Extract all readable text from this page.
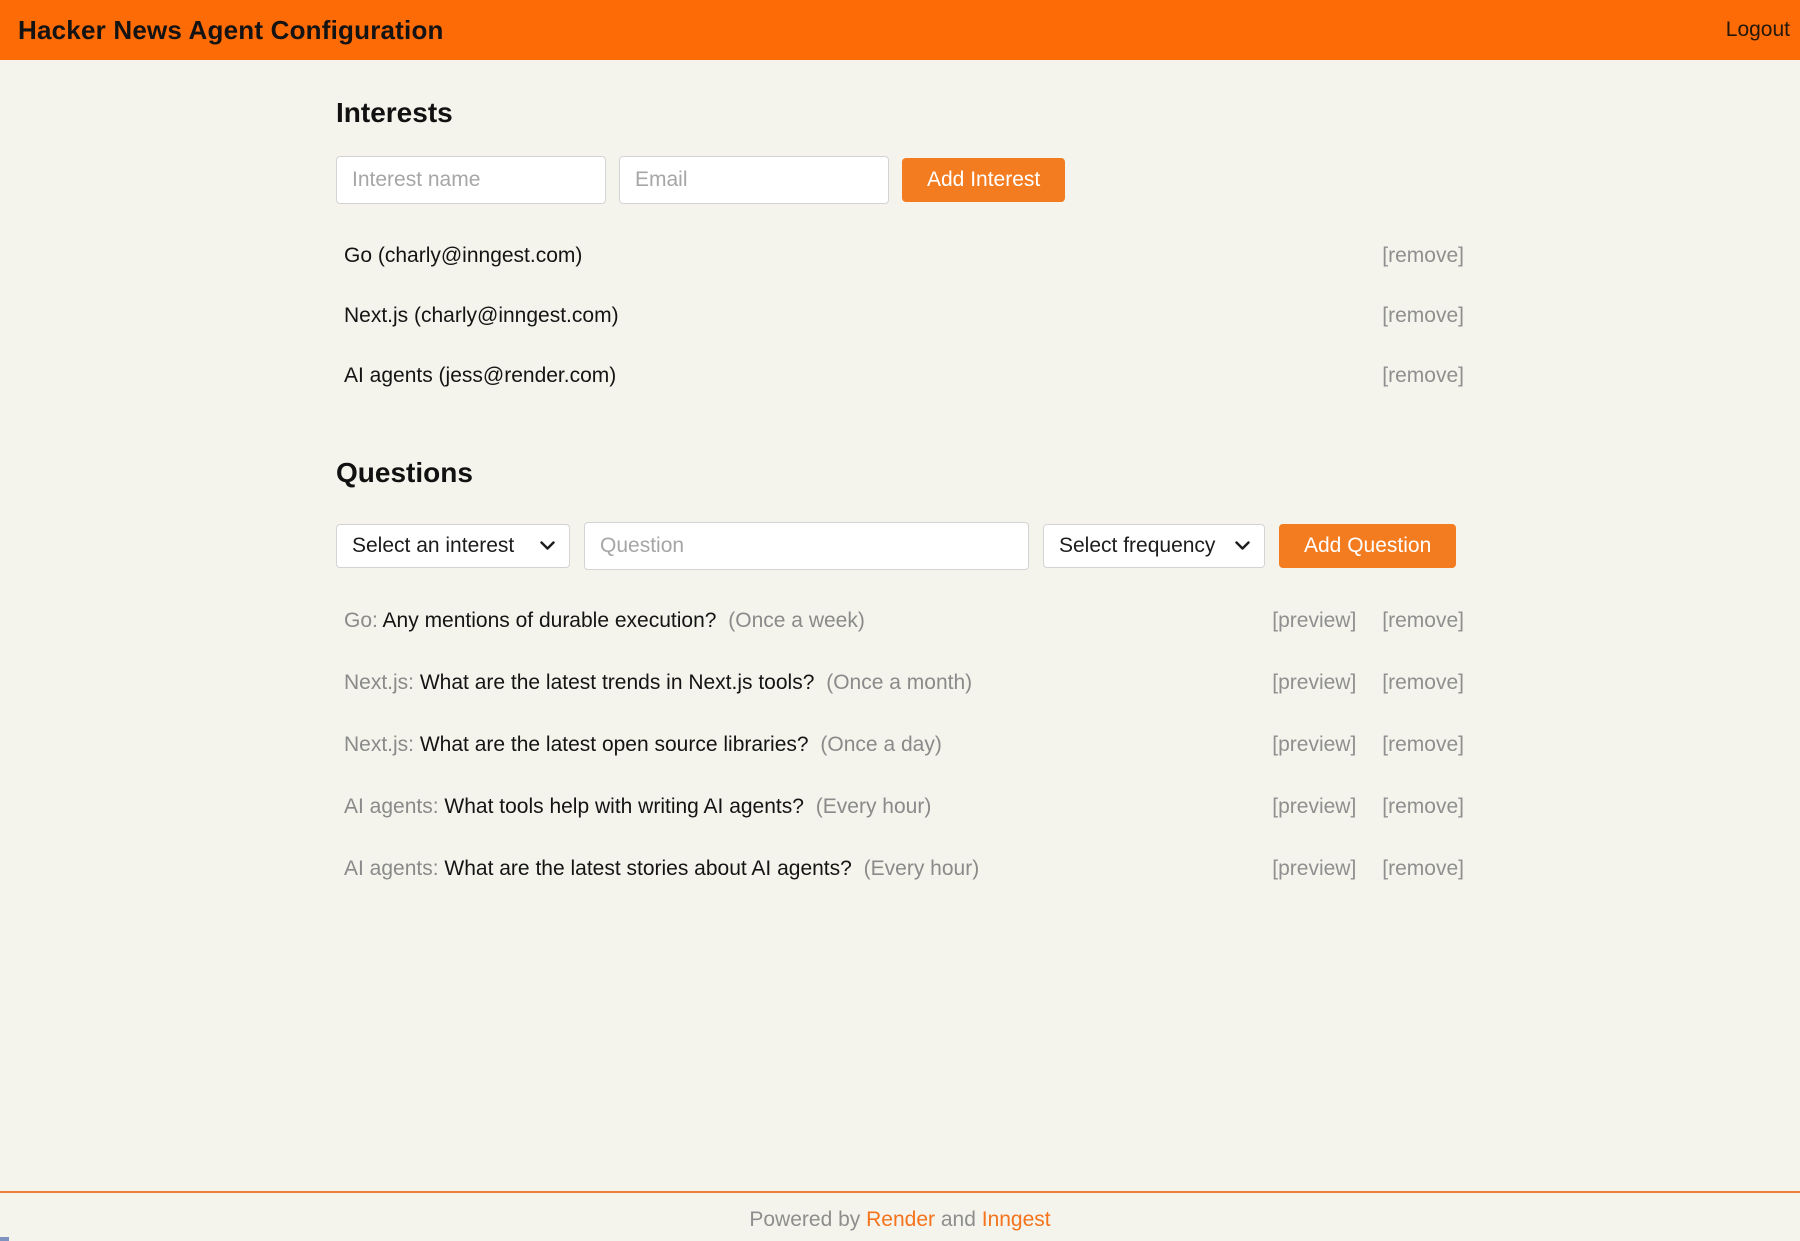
Hacker News Agent Configuration	Logout
Interests
Interest name
Email
Add Interest
Go (charly@inngest.com)	[remove]
Next.js (charly@inngest.com)	[remove]
AI agents (jess@render.com)	[remove]
Questions
Select an interest
Question	Select frequency	Add Question
Go: Any mentions of durable execution? (Once a week)	[preview] [remove]
Next.js: What are the latest trends in Next.js tools? (Once a month)	[preview] [remove]
Next.js: What are the latest open source libraries? (Once a day)	[preview] [remove]
AI agents: What tools help with writing AI agents? (Every hour)	[preview] [remove]
AI agents: What are the latest stories about AI agents? (Every hour)	[preview] [remove]
Powered by Render and Inngest
